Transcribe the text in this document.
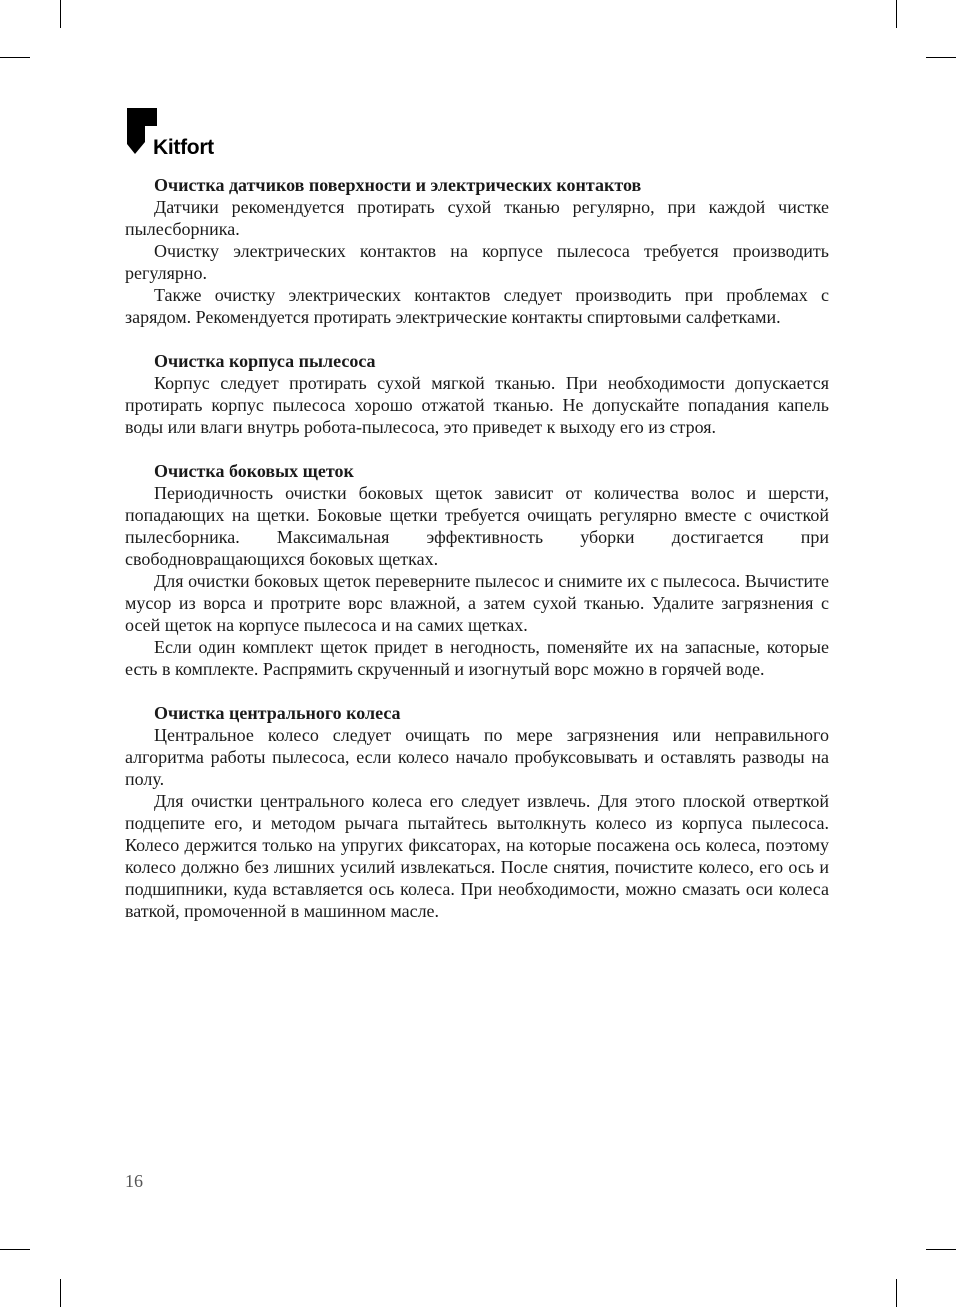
Kitfort

Очистка датчиков поверхности и электрических контактов

Датчики рекомендуется протирать сухой тканью регулярно, при каждой чистке пылесборника.

Очистку электрических контактов на корпусе пылесоса требуется производить регулярно.

Также очистку электрических контактов следует производить при проблемах с зарядом. Рекомендуется протирать электрические контакты спиртовыми салфетками.

Очистка корпуса пылесоса

Корпус следует протирать сухой мягкой тканью. При необходимости допускается протирать корпус пылесоса хорошо отжатой тканью. Не допускайте попадания капель воды или влаги внутрь робота-пылесоса, это приведет к выходу его из строя.

Очистка боковых щеток

Периодичность очистки боковых щеток зависит от количества волос и шерсти, попадающих на щетки. Боковые щетки требуется очищать регулярно вместе с очисткой пылесборника. Максимальная эффективность уборки достигается при свободновращающихся боковых щетках.

Для очистки боковых щеток переверните пылесос и снимите их с пылесоса. Вычистите мусор из ворса и протрите ворс влажной, а затем сухой тканью. Удалите загрязнения с осей щеток на корпусе пылесоса и на самих щетках.

Если один комплект щеток придет в негодность, поменяйте их на запасные, которые есть в комплекте. Распрямить скрученный и изогнутый ворс можно в горячей воде.

Очистка центрального колеса

Центральное колесо следует очищать по мере загрязнения или неправильного алгоритма работы пылесоса, если колесо начало пробуксовывать и оставлять разводы на полу.

Для очистки центрального колеса его следует извлечь. Для этого плоской отверткой подцепите его, и методом рычага пытайтесь вытолкнуть колесо из корпуса пылесоса. Колесо держится только на упругих фиксаторах, на которые посажена ось колеса, поэтому колесо должно без лишних усилий извлекаться. После снятия, почистите колесо, его ось и подшипники, куда вставляется ось колеса. При необходимости, можно смазать оси колеса ваткой, промоченной в машинном масле.

16
